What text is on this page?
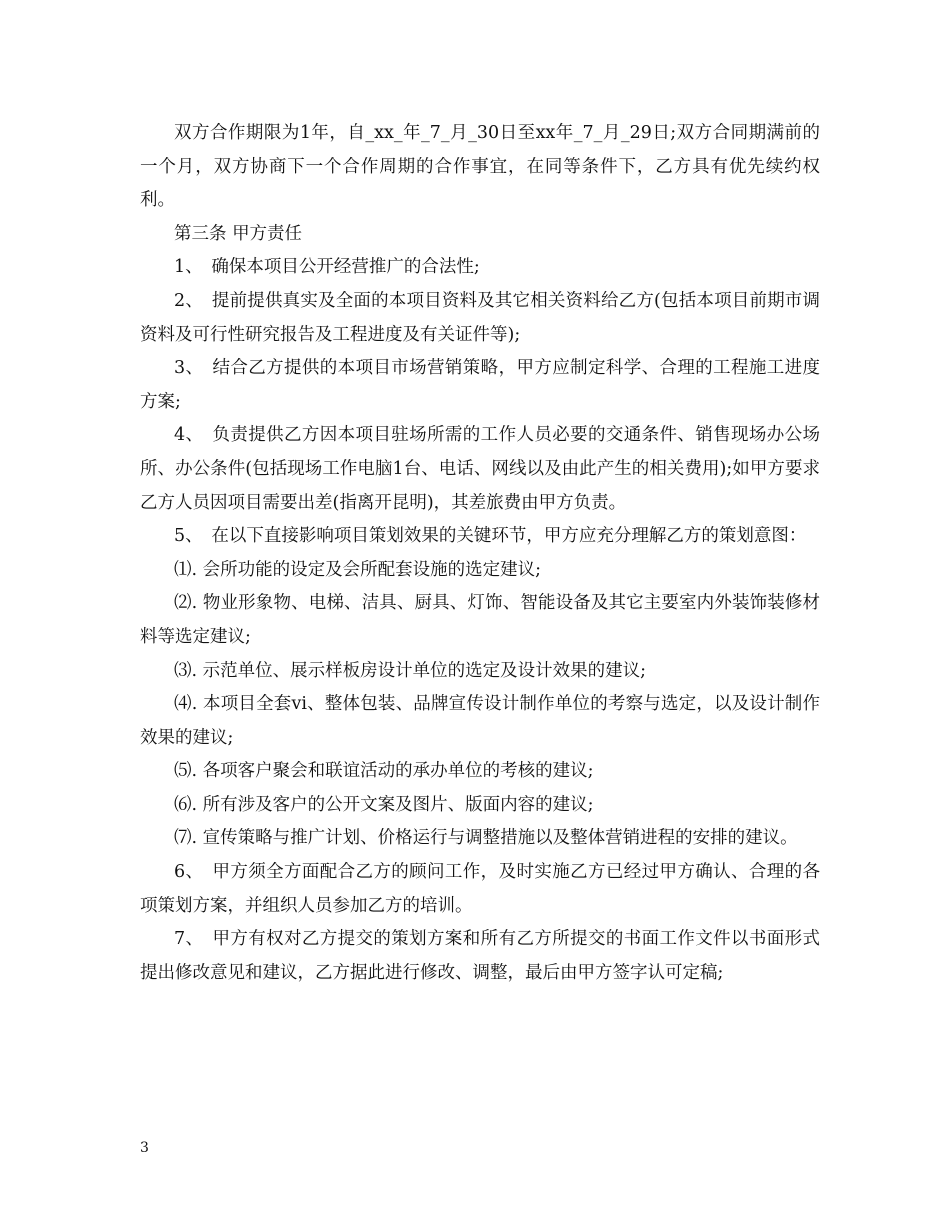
双方合作期限为1年，自_xx_年_7_月_30日至xx年_7_月_29日;双方合同期满前的一个月，双方协商下一个合作周期的合作事宜，在同等条件下，乙方具有优先续约权利。

第三条 甲方责任

1、　确保本项目公开经营推广的合法性;

2、　提前提供真实及全面的本项目资料及其它相关资料给乙方(包括本项目前期市调资料及可行性研究报告及工程进度及有关证件等);

3、　结合乙方提供的本项目市场营销策略，甲方应制定科学、合理的工程施工进度方案;

4、　负责提供乙方因本项目驻场所需的工作人员必要的交通条件、销售现场办公场所、办公条件(包括现场工作电脑1台、电话、网线以及由此产生的相关费用);如甲方要求乙方人员因项目需要出差(指离开昆明)，其差旅费由甲方负责。

5、　在以下直接影响项目策划效果的关键环节，甲方应充分理解乙方的策划意图：

⑴. 会所功能的设定及会所配套设施的选定建议;

⑵. 物业形象物、电梯、洁具、厨具、灯饰、智能设备及其它主要室内外装饰装修材料等选定建议;

⑶. 示范单位、展示样板房设计单位的选定及设计效果的建议;

⑷. 本项目全套vi、整体包装、品牌宣传设计制作单位的考察与选定，以及设计制作效果的建议;

⑸. 各项客户聚会和联谊活动的承办单位的考核的建议;

⑹. 所有涉及客户的公开文案及图片、版面内容的建议;

⑺. 宣传策略与推广计划、价格运行与调整措施以及整体营销进程的安排的建议。

6、　甲方须全方面配合乙方的顾问工作，及时实施乙方已经过甲方确认、合理的各项策划方案，并组织人员参加乙方的培训。

7、　甲方有权对乙方提交的策划方案和所有乙方所提交的书面工作文件以书面形式提出修改意见和建议，乙方据此进行修改、调整，最后由甲方签字认可定稿;

3
